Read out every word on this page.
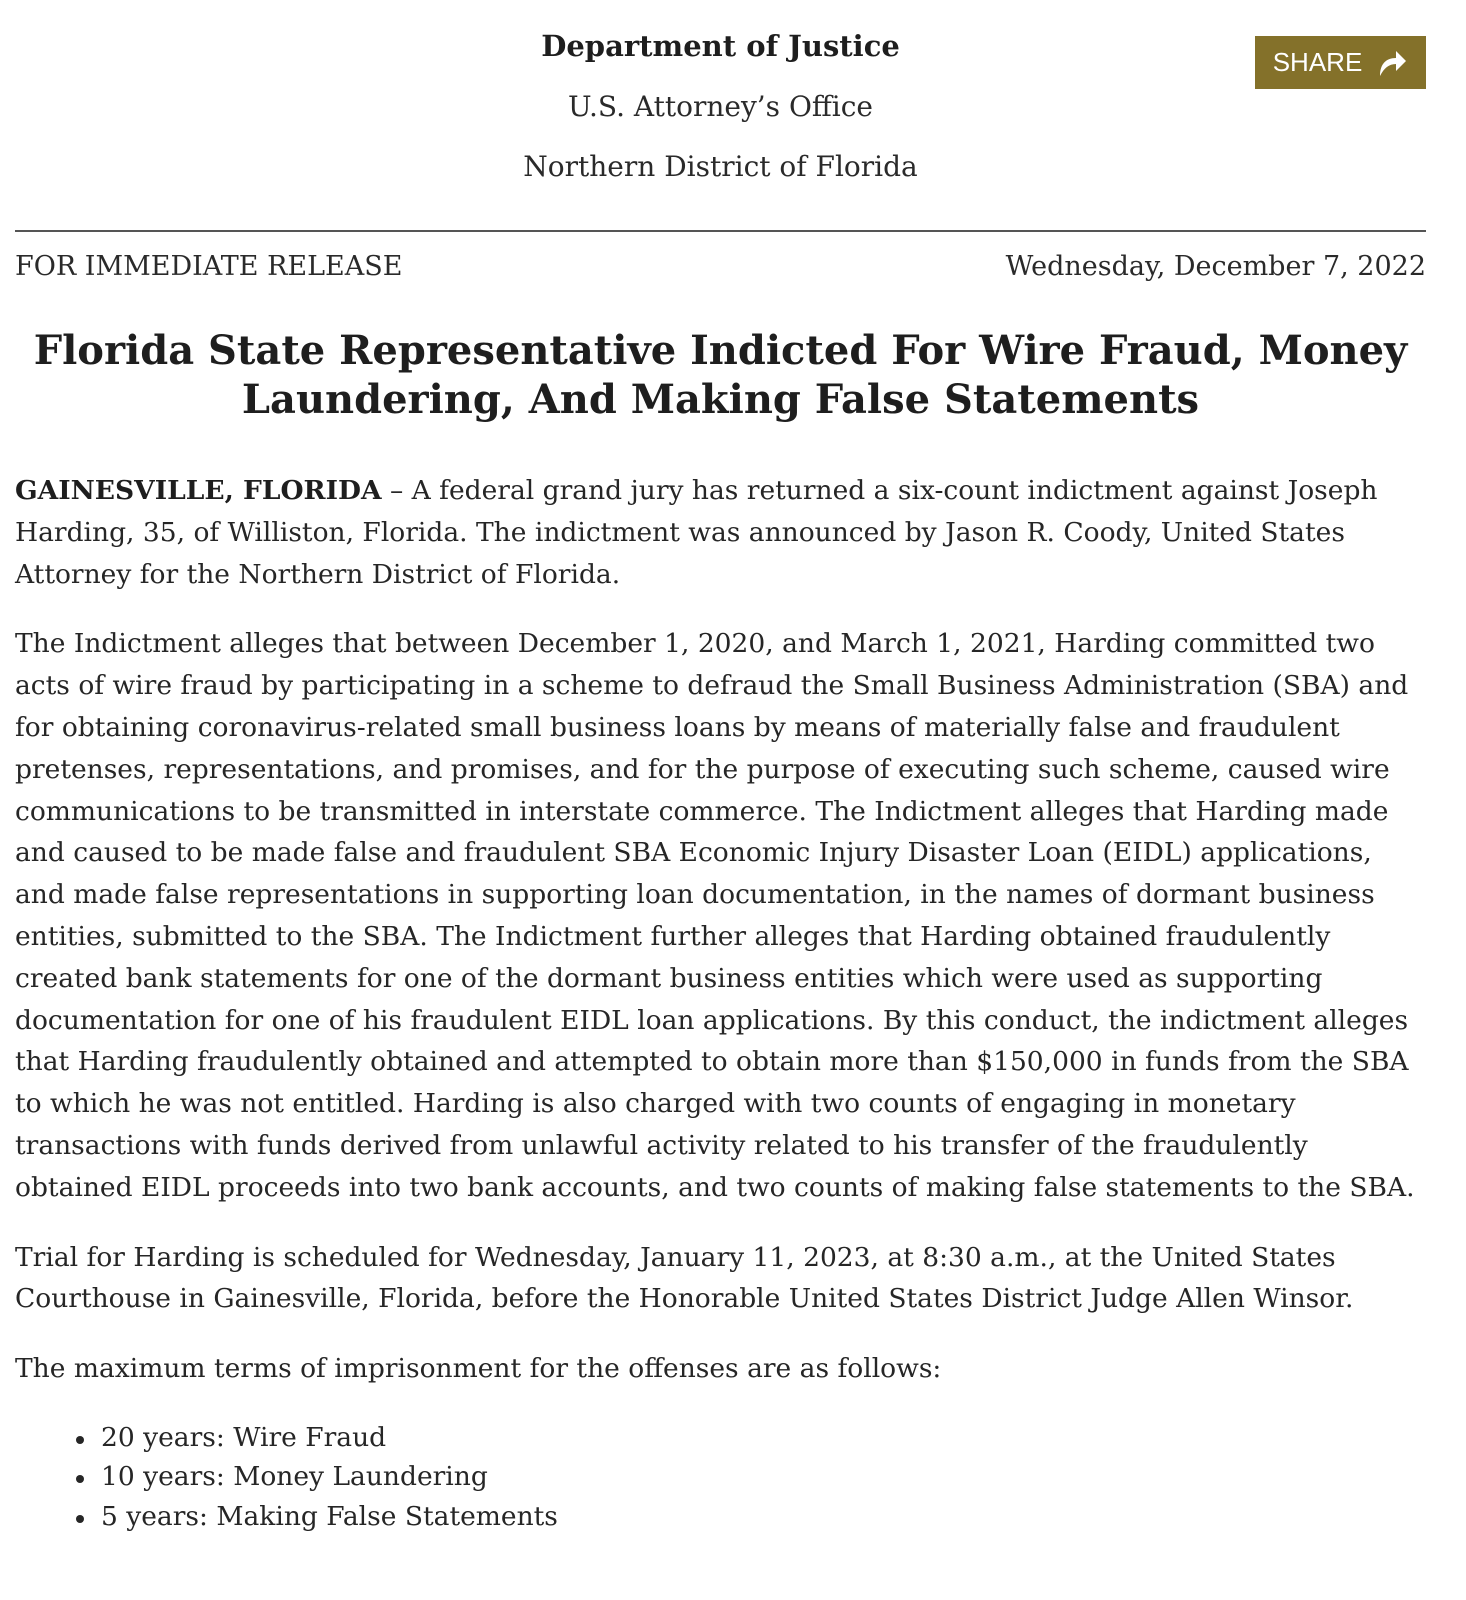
Department of Justice

U.S. Attorney’s Office

Northern District of Florida

SHARE
FOR IMMEDIATE RELEASE	Wednesday, December 7, 2022
Florida State Representative Indicted For Wire Fraud, Money Laundering, And Making False Statements

GAINESVILLE, FLORIDA – A federal grand jury has returned a six-count indictment against Joseph Harding, 35, of Williston, Florida. The indictment was announced by Jason R. Coody, United States Attorney for the Northern District of Florida.

The Indictment alleges that between December 1, 2020, and March 1, 2021, Harding committed two acts of wire fraud by participating in a scheme to defraud the Small Business Administration (SBA) and for obtaining coronavirus-related small business loans by means of materially false and fraudulent pretenses, representations, and promises, and for the purpose of executing such scheme, caused wire communications to be transmitted in interstate commerce. The Indictment alleges that Harding made and caused to be made false and fraudulent SBA Economic Injury Disaster Loan (EIDL) applications, and made false representations in supporting loan documentation, in the names of dormant business entities, submitted to the SBA. The Indictment further alleges that Harding obtained fraudulently created bank statements for one of the dormant business entities which were used as supporting documentation for one of his fraudulent EIDL loan applications. By this conduct, the indictment alleges that Harding fraudulently obtained and attempted to obtain more than $150,000 in funds from the SBA to which he was not entitled. Harding is also charged with two counts of engaging in monetary transactions with funds derived from unlawful activity related to his transfer of the fraudulently obtained EIDL proceeds into two bank accounts, and two counts of making false statements to the SBA.

Trial for Harding is scheduled for Wednesday, January 11, 2023, at 8:30 a.m., at the United States Courthouse in Gainesville, Florida, before the Honorable United States District Judge Allen Winsor.

The maximum terms of imprisonment for the offenses are as follows:

20 years: Wire Fraud
10 years: Money Laundering
5 years: Making False Statements
